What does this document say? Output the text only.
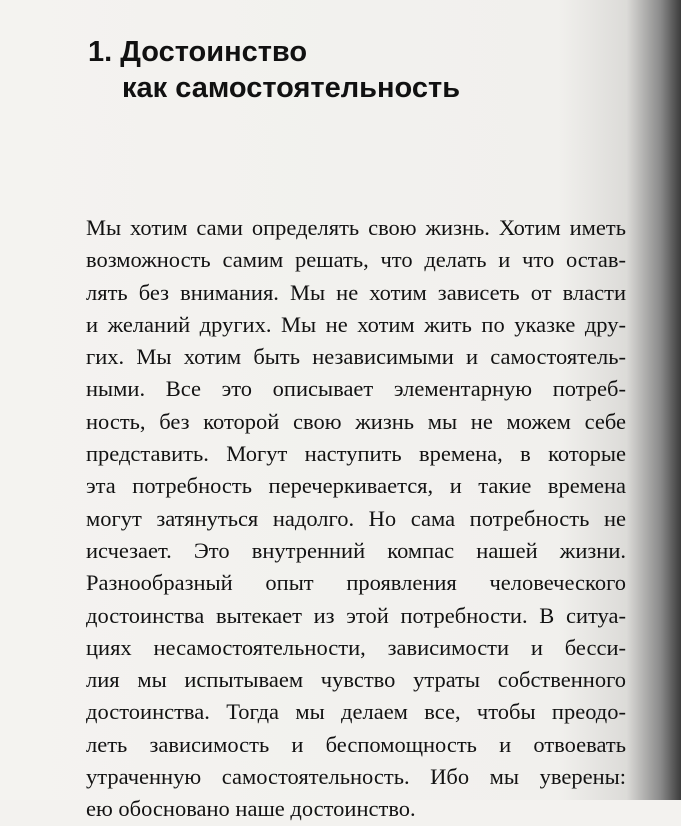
1. Достоинство
как самостоятельность
Мы хотим сами определять свою жизнь. Хотим иметь
возможность самим решать, что делать и что остав-
лять без внимания. Мы не хотим зависеть от власти
и желаний других. Мы не хотим жить по указке дру-
гих. Мы хотим быть независимыми и самостоятель-
ными. Все это описывает элементарную потреб-
ность, без которой свою жизнь мы не можем себе
представить. Могут наступить времена, в которые
эта потребность перечеркивается, и такие времена
могут затянуться надолго. Но сама потребность не
исчезает. Это внутренний компас нашей жизни.
Разнообразный опыт проявления человеческого
достоинства вытекает из этой потребности. В ситуа-
циях несамостоятельности, зависимости и бесси-
лия мы испытываем чувство утраты собственного
достоинства. Тогда мы делаем все, чтобы преодо-
леть зависимость и беспомощность и отвоевать
утраченную самостоятельность. Ибо мы уверены:
ею обосновано наше достоинство.
